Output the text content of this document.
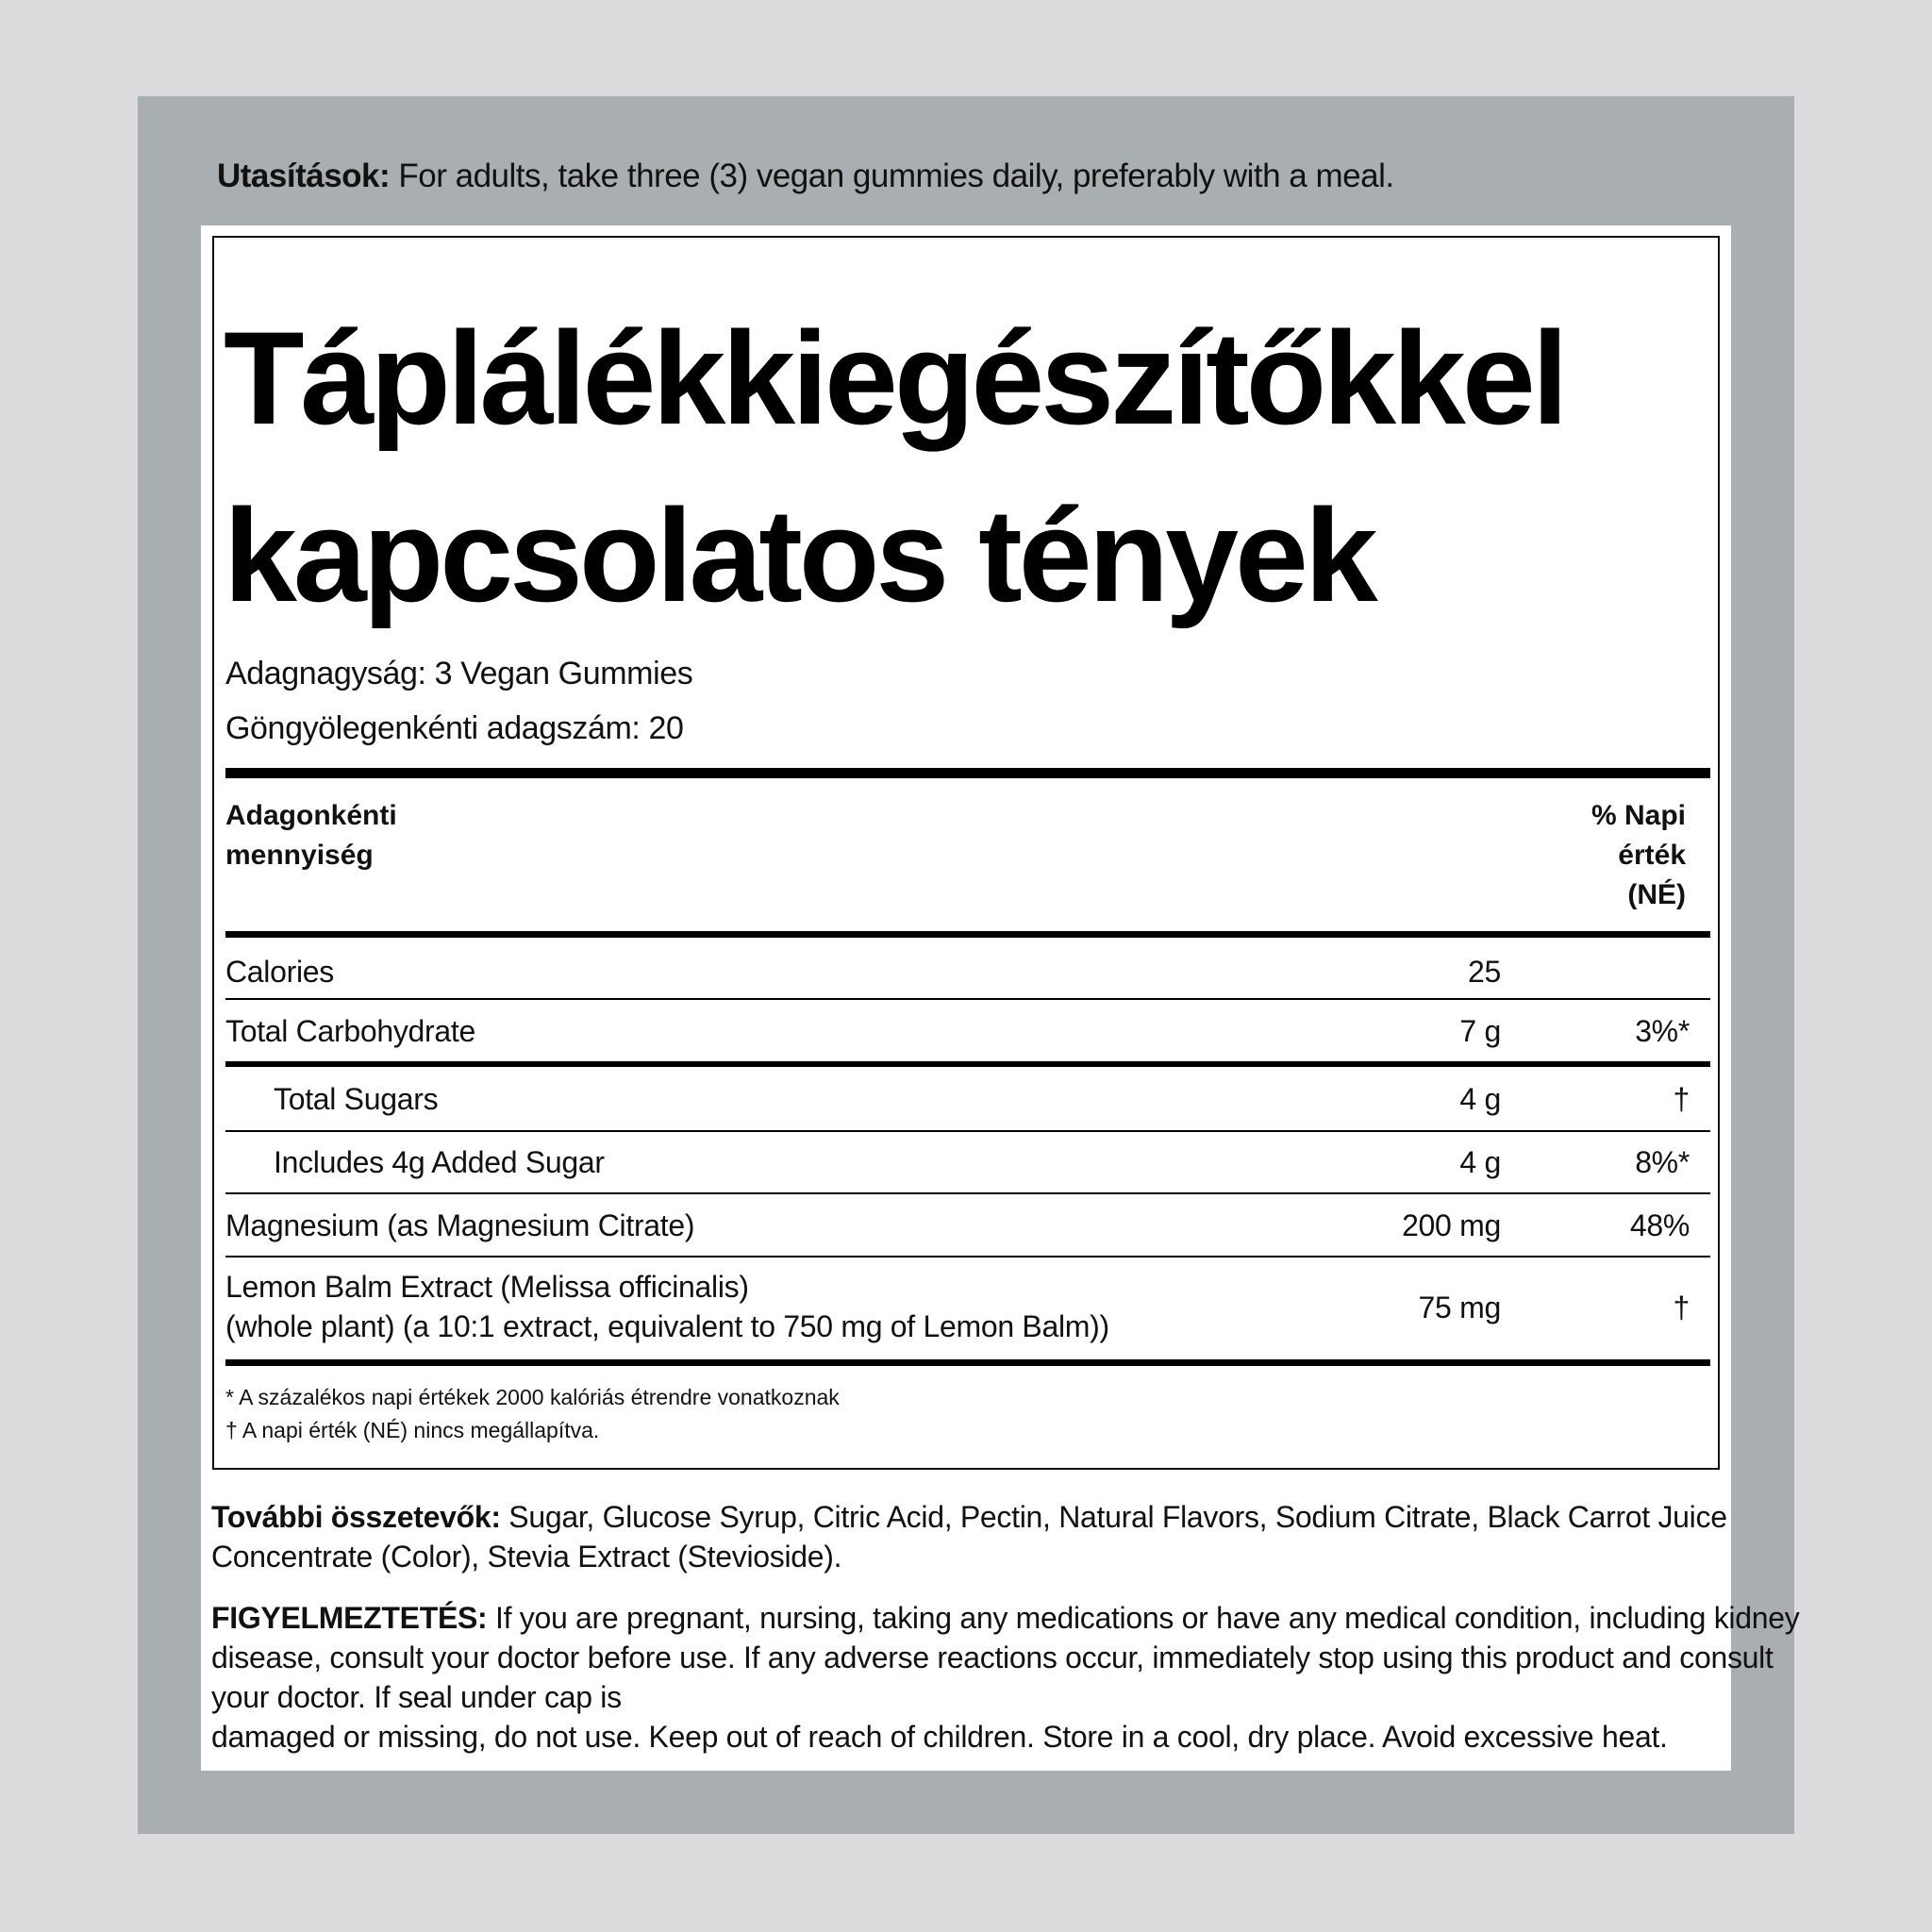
Utasítások: For adults, take three (3) vegan gummies daily, preferably with a meal.
Táplálékkiegészítőkkel
kapcsolatos tények
Adagnagyság: 3 Vegan Gummies
Göngyölegenkénti adagszám: 20
Adagonkénti
mennyiség
% Napi
érték
(NÉ)
Calories	25
Total Carbohydrate	7 g	3%*
Total Sugars	4 g	†
Includes 4g Added Sugar	4 g	8%*
Magnesium (as Magnesium Citrate)	200 mg	48%
Lemon Balm Extract (Melissa officinalis)
(whole plant) (a 10:1 extract, equivalent to 750 mg of Lemon Balm))
75 mg	†
* A százalékos napi értékek 2000 kalóriás étrendre vonatkoznak
† A napi érték (NÉ) nincs megállapítva.
További összetevők: Sugar, Glucose Syrup, Citric Acid, Pectin, Natural Flavors, Sodium Citrate, Black Carrot Juice
Concentrate (Color), Stevia Extract (Stevioside).
FIGYELMEZTETÉS: If you are pregnant, nursing, taking any medications or have any medical condition, including kidney
disease, consult your doctor before use. If any adverse reactions occur, immediately stop using this product and consult
your doctor. If seal under cap is
damaged or missing, do not use. Keep out of reach of children. Store in a cool, dry place. Avoid excessive heat.
